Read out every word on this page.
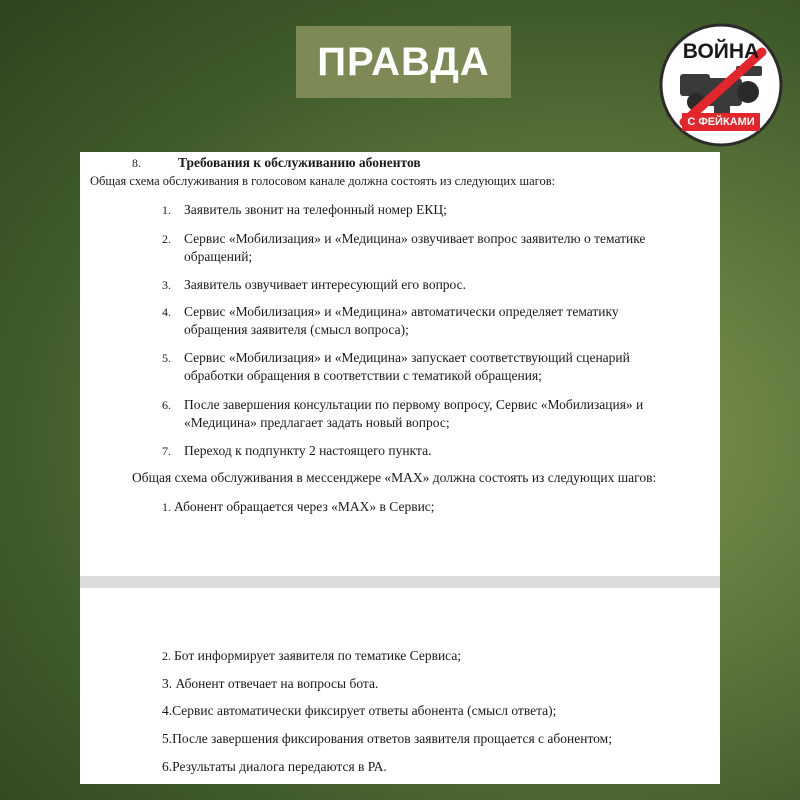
ПРАВДА	ВОЙНА
С ФЕЙКАМИ
8.	Требования к обслуживанию абонентов
Общая схема обслуживания в голосовом канале должна состоять из следующих шагов:
1. Заявитель звонит на телефонный номер ЕКЦ;
2. Сервис «Мобилизация» и «Медицина» озвучивает вопрос заявителю о тематике
обращений;
3. Заявитель озвучивает интересующий его вопрос.
4. Сервис «Мобилизация» и «Медицина» автоматически определяет тематику
обращения заявителя (смысл вопроса);
5. Сервис «Мобилизация» и «Медицина» запускает соответствующий сценарий
обработки обращения в соответствии с тематикой обращения;
6. После завершения консультации по первому вопросу, Сервис «Мобилизация» и
«Медицина» предлагает задать новый вопрос;
7. Переход к подпункту 2 настоящего пункта.
Общая схема обслуживания в мессенджере «MAX» должна состоять из следующих шагов:
1. Абонент обращается через «MAX» в Сервис;
2. Бот информирует заявителя по тематике Сервиса;
3. Абонент отвечает на вопросы бота.
4.Сервис автоматически фиксирует ответы абонента (смысл ответа);
5.После завершения фиксирования ответов заявителя прощается с абонентом;
6.Результаты диалога передаются в РА.
